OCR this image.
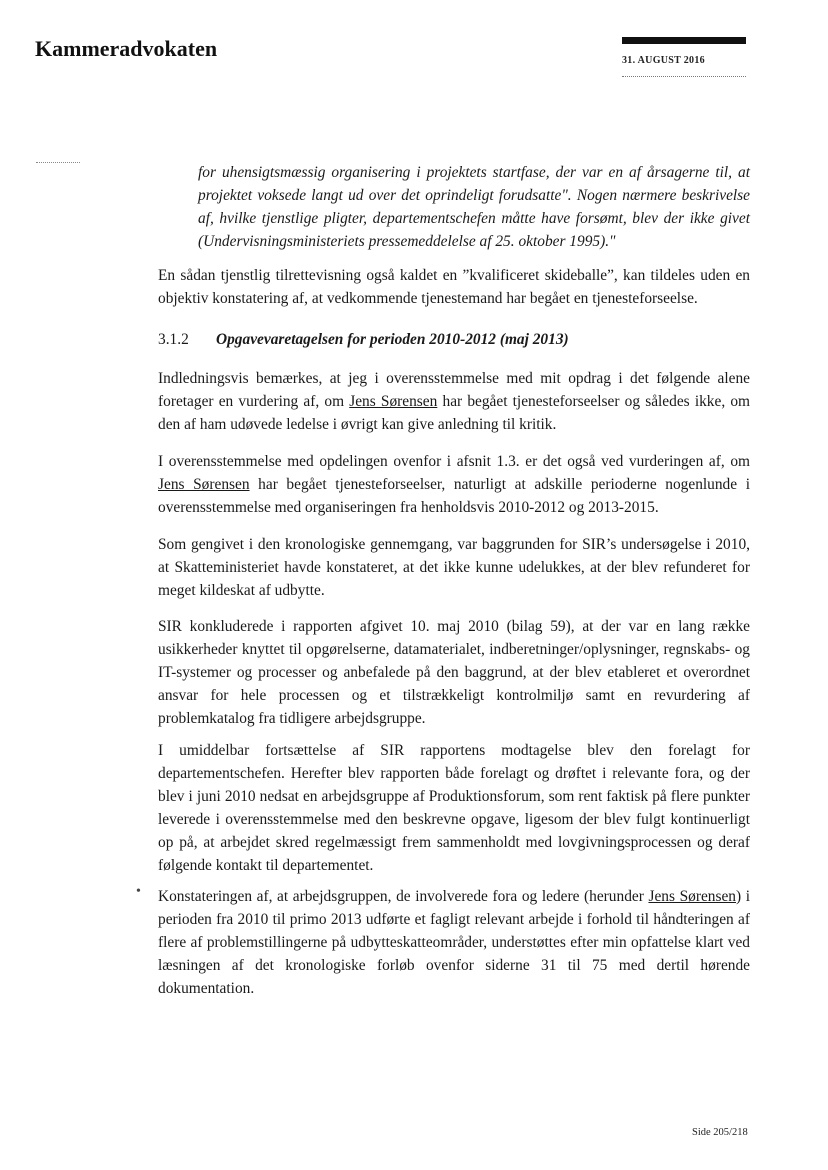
Kammeradvokaten	31. AUGUST 2016
for uhensigtsmæssig organisering i projektets startfase, der var en af årsagerne til, at projektet voksede langt ud over det oprindeligt forudsatte". Nogen nærmere beskrivelse af, hvilke tjenstlige pligter, departementschefen måtte have forsømt, blev der ikke givet (Undervisningsministeriets pressemeddelelse af 25. oktober 1995)."

En sådan tjenstlig tilrettevisning også kaldet en ”kvalificeret skideballe”, kan tildeles uden en objektiv konstatering af, at vedkommende tjenestemand har begået en tjenesteforseelse.

3.1.2 Opgavevaretagelsen for perioden 2010-2012 (maj 2013)

Indledningsvis bemærkes, at jeg i overensstemmelse med mit opdrag i det følgende alene foretager en vurdering af, om Jens Sørensen har begået tjenesteforseelser og således ikke, om den af ham udøvede ledelse i øvrigt kan give anledning til kritik.

I overensstemmelse med opdelingen ovenfor i afsnit 1.3. er det også ved vurderingen af, om Jens Sørensen har begået tjenesteforseelser, naturligt at adskille perioderne nogenlunde i overensstemmelse med organiseringen fra henholdsvis 2010-2012 og 2013-2015.

Som gengivet i den kronologiske gennemgang, var baggrunden for SIR’s undersøgelse i 2010, at Skatteministeriet havde konstateret, at det ikke kunne udelukkes, at der blev refunderet for meget kildeskat af udbytte.

SIR konkluderede i rapporten afgivet 10. maj 2010 (bilag 59), at der var en lang række usikkerheder knyttet til opgørelserne, datamaterialet, indberetninger/oplysninger, regnskabs- og IT-systemer og processer og anbefalede på den baggrund, at der blev etableret et overordnet ansvar for hele processen og et tilstrækkeligt kontrolmiljø samt en revurdering af problemkatalog fra tidligere arbejdsgruppe.

I umiddelbar fortsættelse af SIR rapportens modtagelse blev den forelagt for departementschefen. Herefter blev rapporten både forelagt og drøftet i relevante fora, og der blev i juni 2010 nedsat en arbejdsgruppe af Produktionsforum, som rent faktisk på flere punkter leverede i overensstemmelse med den beskrevne opgave, ligesom der blev fulgt kontinuerligt op på, at arbejdet skred regelmæssigt frem sammenholdt med lovgivningsprocessen og deraf følgende kontakt til departementet.

• Konstateringen af, at arbejdsgruppen, de involverede fora og ledere (herunder Jens Sørensen) i perioden fra 2010 til primo 2013 udførte et fagligt relevant arbejde i forhold til håndteringen af flere af problemstillingerne på udbytteskatteområder, understøttes efter min opfattelse klart ved læsningen af det kronologiske forløb ovenfor siderne 31 til 75 med dertil hørende dokumentation.

Side 205/218
